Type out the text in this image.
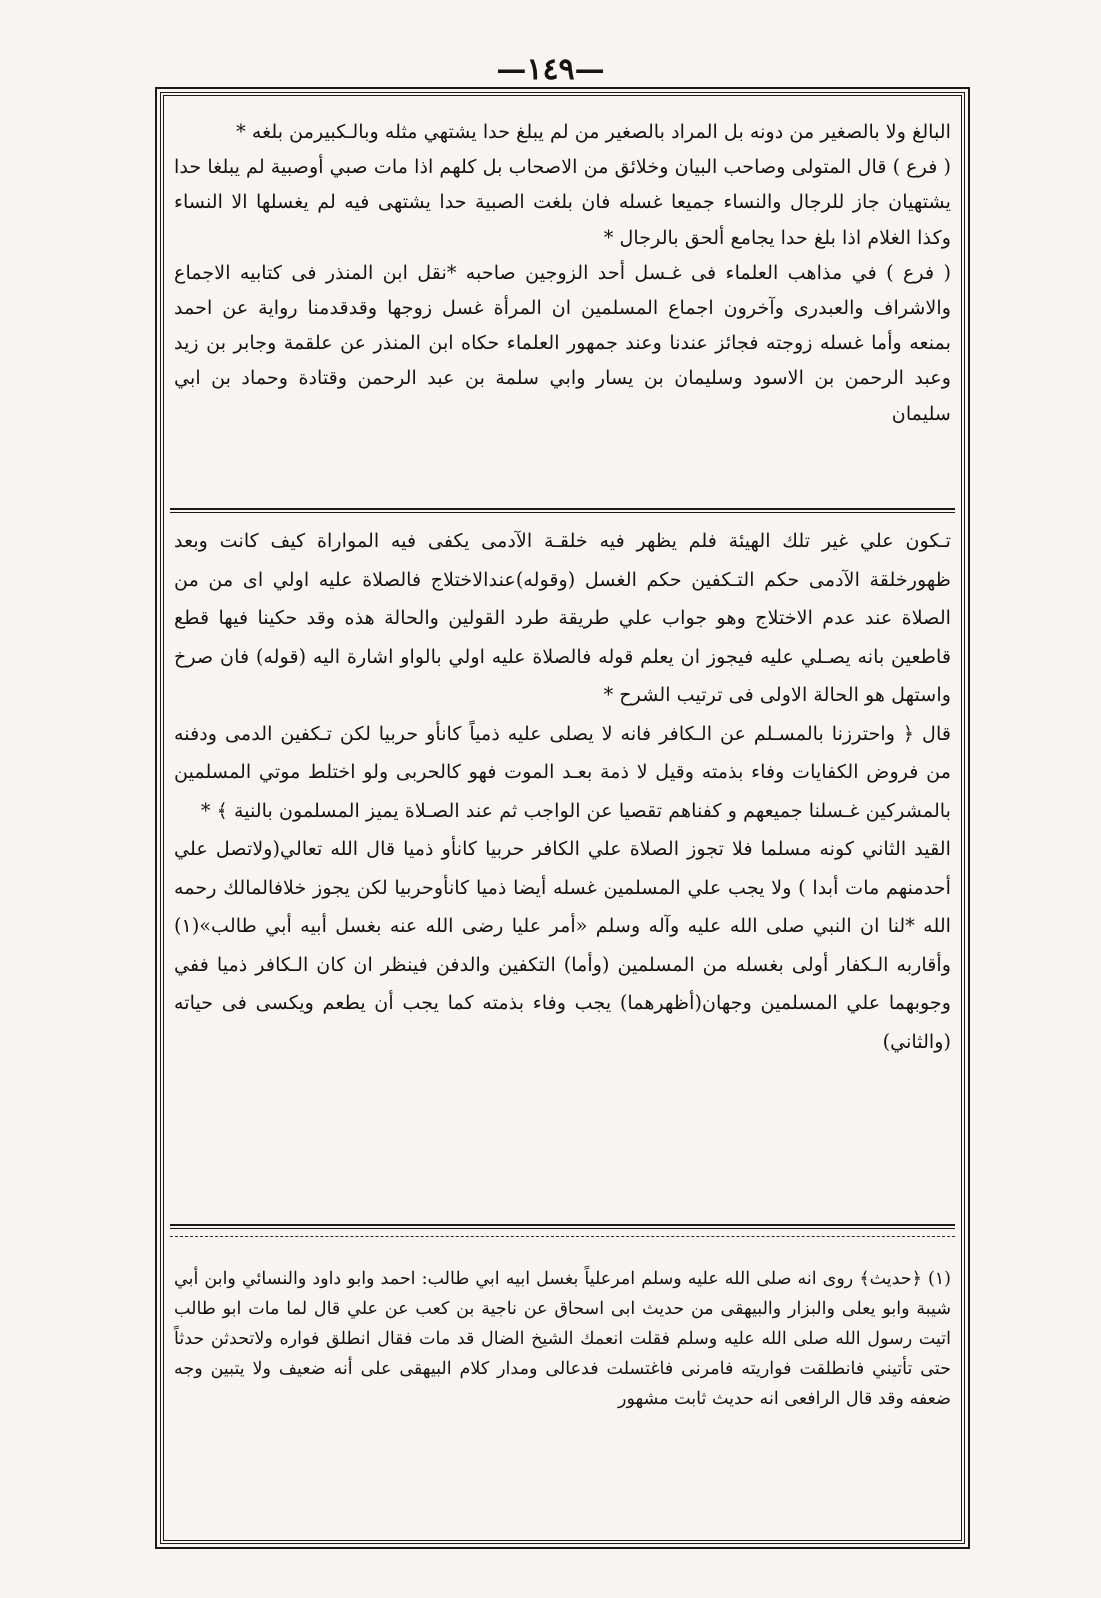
—١٤٩—

البالغ ولا بالصغير من دونه بل المراد بالصغير من لم يبلغ حدا يشتهي مثله وبالـكبيرمن بلغه *

( فرع ) قال المتولى وصاحب البيان وخلائق من الاصحاب بل كلهم اذا مات صبي أوصبية لم يبلغا حدا يشتهيان جاز للرجال والنساء جميعا غسله فان بلغت الصبية حدا يشتهى فيه لم يغسلها الا النساء وكذا الغلام اذا بلغ حدا يجامع ألحق بالرجال *

( فرع ) في مذاهب العلماء فى غـسل أحد الزوجين صاحبه *نقل ابن المنذر فى كتابيه الاجماع والاشراف والعبدرى وآخرون اجماع المسلمين ان المرأة غسل زوجها وقدقدمنا رواية عن احمد بمنعه وأما غسله زوجته فجائز عندنا وعند جمهور العلماء حكاه ابن المنذر عن علقمة وجابر بن زيد وعبد الرحمن بن الاسود وسليمان بن يسار وابي سلمة بن عبد الرحمن وقتادة وحماد بن ابي سليمان

تـكون علي غير تلك الهيئة فلم يظهر فيه خلقـة الآدمى يكفى فيه المواراة كيف كانت وبعد ظهورخلقة الآدمى حكم التـكفين حكم الغسل (وقوله)عندالاختلاج فالصلاة عليه اولي اى من من الصلاة عند عدم الاختلاج وهو جواب علي طريقة طرد القولين والحالة هذه وقد حكينا فيها قطع قاطعين بانه يصـلي عليه فيجوز ان يعلم قوله فالصلاة عليه اولي بالواو اشارة اليه (قوله) فان صرخ واستهل هو الحالة الاولى فى ترتيب الشرح *

قال ﴿ واحترزنا بالمسـلم عن الـكافر فانه لا يصلى عليه ذمياً كانأو حربيا لكن تـكفين الدمى ودفنه من فروض الكفايات وفاء بذمته وقيل لا ذمة بعـد الموت فهو كالحربى ولو اختلط موتي المسلمين بالمشركين غـسلنا جميعهم و كفناهم تقصيا عن الواجب ثم عند الصـلاة يميز المسلمون بالنية ﴾ *

القيد الثاني كونه مسلما فلا تجوز الصلاة علي الكافر حربيا كانأو ذميا قال الله تعالي(ولاتصل علي أحدمنهم مات أبدا ) ولا يجب علي المسلمين غسله أيضا ذميا كانأوحربيا لكن يجوز خلافالمالك رحمه الله *لنا ان النبي صلى الله عليه وآله وسلم «أمر عليا رضى الله عنه بغسل أبيه أبي طالب»(١) وأقاربه الـكفار أولى بغسله من المسلمين (وأما) التكفين والدفن فينظر ان كان الـكافر ذميا ففي وجوبهما علي المسلمين وجهان(أظهرهما) يجب وفاء بذمته كما يجب أن يطعم ويكسى فى حياته (والثاني)

(١) ﴿حديث﴾ روى انه صلى الله عليه وسلم امرعلياً بغسل ابيه ابي طالب: احمد وابو داود والنسائي وابن أبي شيبة وابو يعلى والبزار والبيهقى من حديث ابى اسحاق عن ناجية بن كعب عن علي قال لما مات ابو طالب اتيت رسول الله صلى الله عليه وسلم فقلت انعمك الشيخ الضال قد مات فقال انطلق فواره ولاتحدثن حدثاً حتى تأتيني فانطلقت فواريته فامرنى فاغتسلت فدعالى ومدار كلام البيهقى على أنه ضعيف ولا يتبين وجه ضعفه وقد قال الرافعى انه حديث ثابت مشهور
